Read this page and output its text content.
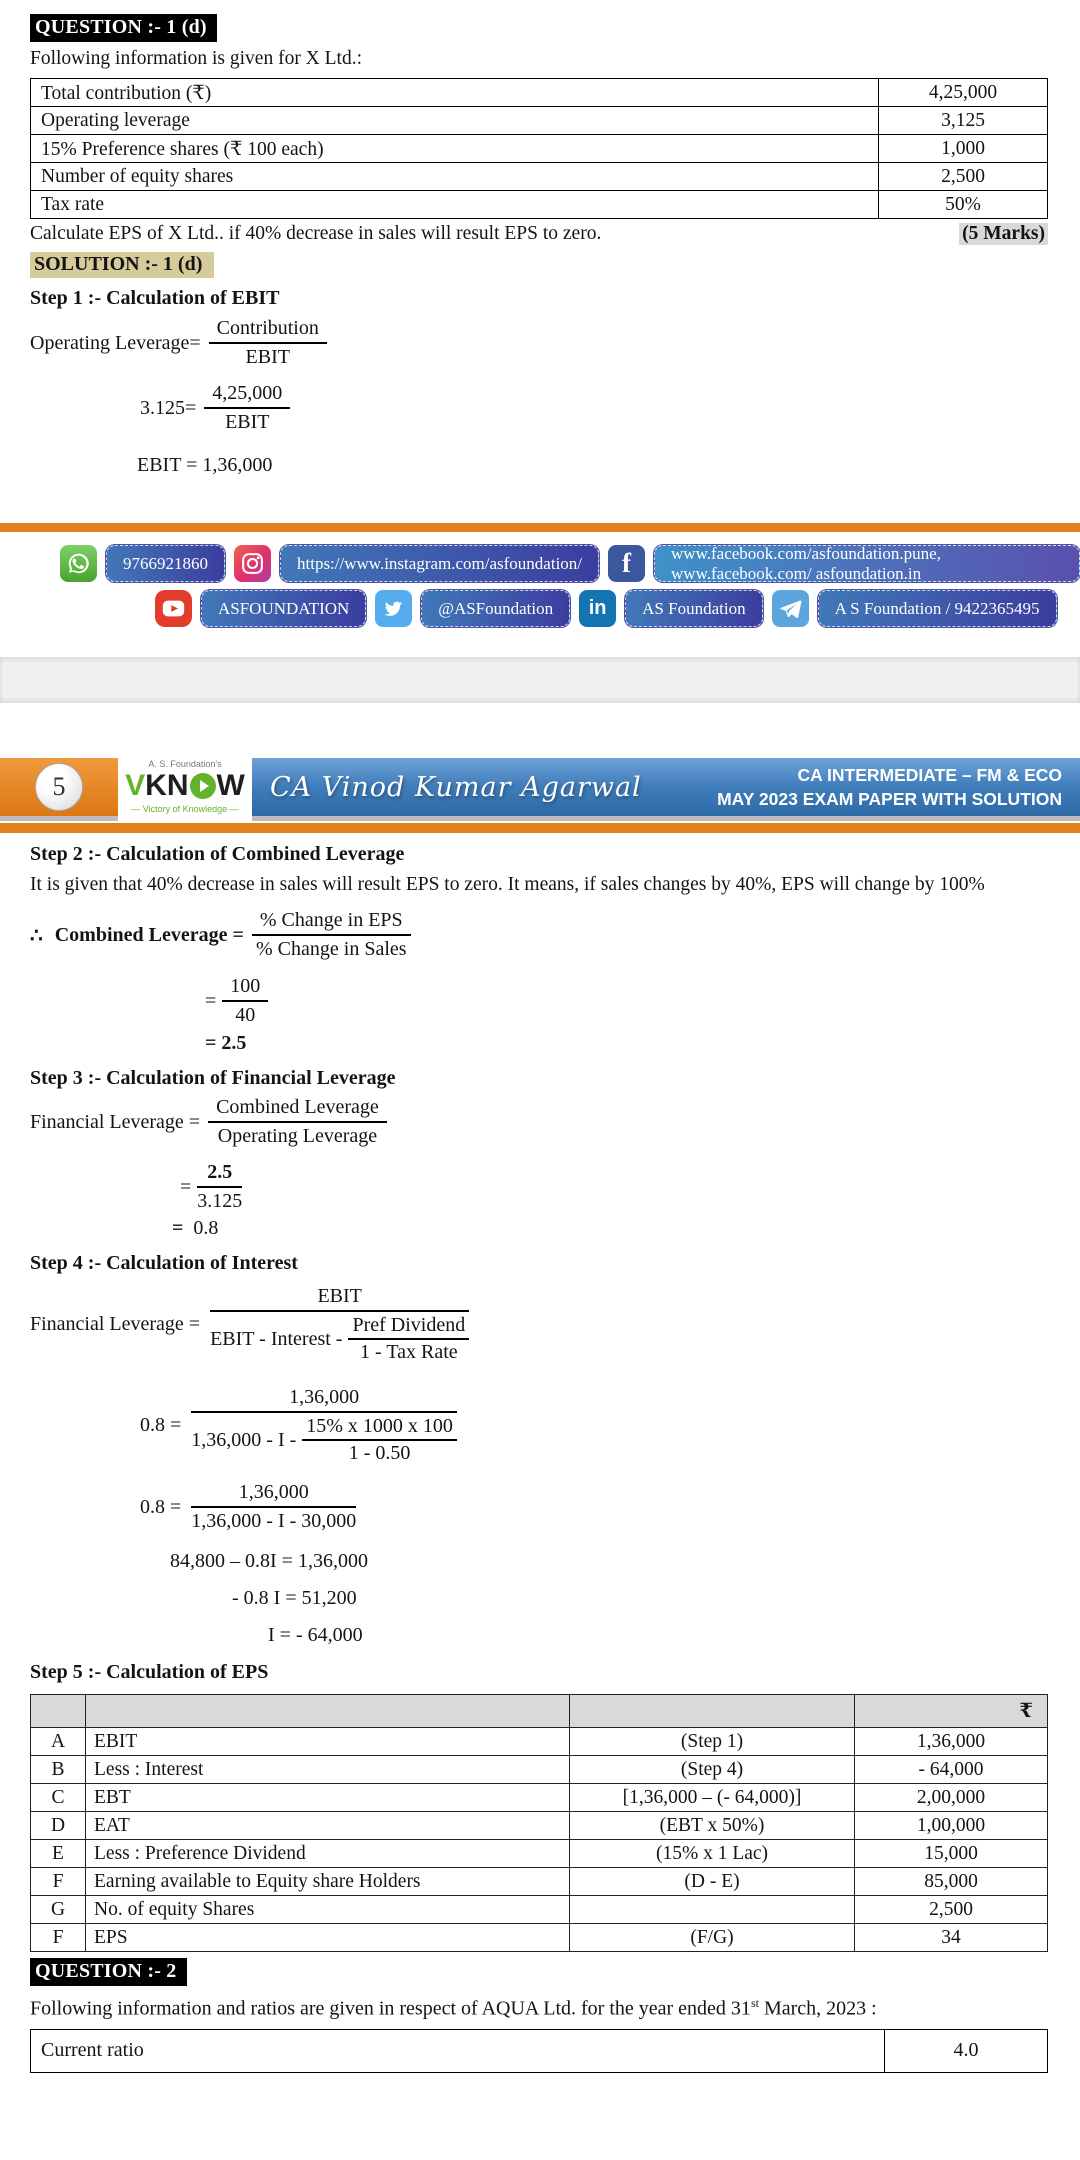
QUESTION :- 1 (d)
Following information is given for X Ltd.:
Total contribution (₹)	4,25,000
Operating leverage	3,125
15% Preference shares (₹ 100 each)	1,000
Number of equity shares	2,500
Tax rate	50%
Calculate EPS of X Ltd.. if 40% decrease in sales will result EPS to zero.	(5 Marks)
SOLUTION :- 1 (d)
Step 1 :- Calculation of EBIT
Operating Leverage= $\frac{\text{Contribution}}{\text{EBIT}}$
$3.125= \frac{4,25,000}{\text{EBIT}}$
EBIT = 1,36,000
9766921860	https://www.instagram.com/asfoundation/	f	www.facebook.com/asfoundation.pune, www.facebook.com/ asfoundation.in
ASFOUNDATION	@ASFoundation	in	AS Foundation	A S Foundation / 9422365495
5
A. S. Foundation's
V KN W
— Victory of Knowledge —
CA Vinod Kumar Agarwal	CA INTERMEDIATE – FM & ECO
MAY 2023 EXAM PAPER WITH SOLUTION
Step 2 :- Calculation of Combined Leverage
It is given that 40% decrease in sales will result EPS to zero. It means, if sales changes by 40%, EPS will change by 100%
∴ Combined Leverage = $\frac{\text{\% Change in EPS}}{\text{\% Change in Sales}}$
= $\frac{100}{40}$
= 2.5
Step 3 :- Calculation of Financial Leverage
Financial Leverage = $\frac{\text{Combined Leverage}}{\text{Operating Leverage}}$
= $\frac{2.5}{3.125}$
= 0.8
Step 4 :- Calculation of Interest
Financial Leverage =
EBIT
EBIT - Interest -
Pref Dividend
1 - Tax Rate
0.8 =
1,36,000
1,36,000 - I - $\frac{15\% x 1000 x 100}{1 - 0.50}$
$0.8 = \frac{1,36,000}{1,36,000 - I - 30,000}$
84,800 – 0.8I = 1,36,000
- 0.8 I = 51,200
I = - 64,000
Step 5 :- Calculation of EPS
			₹
A	EBIT	(Step 1)	1,36,000
B	Less : Interest	(Step 4)	- 64,000
C	EBT	[1,36,000 – (- 64,000)]	2,00,000
D	EAT	(EBT x 50%)	1,00,000
E	Less : Preference Dividend	(15% x 1 Lac)	15,000
F	Earning available to Equity share Holders	(D - E)	85,000
G	No. of equity Shares		2,500
F	EPS	(F/G)	34
QUESTION :- 2
Following information and ratios are given in respect of AQUA Ltd. for the year ended 31st March, 2023 :
Current ratio	4.0
